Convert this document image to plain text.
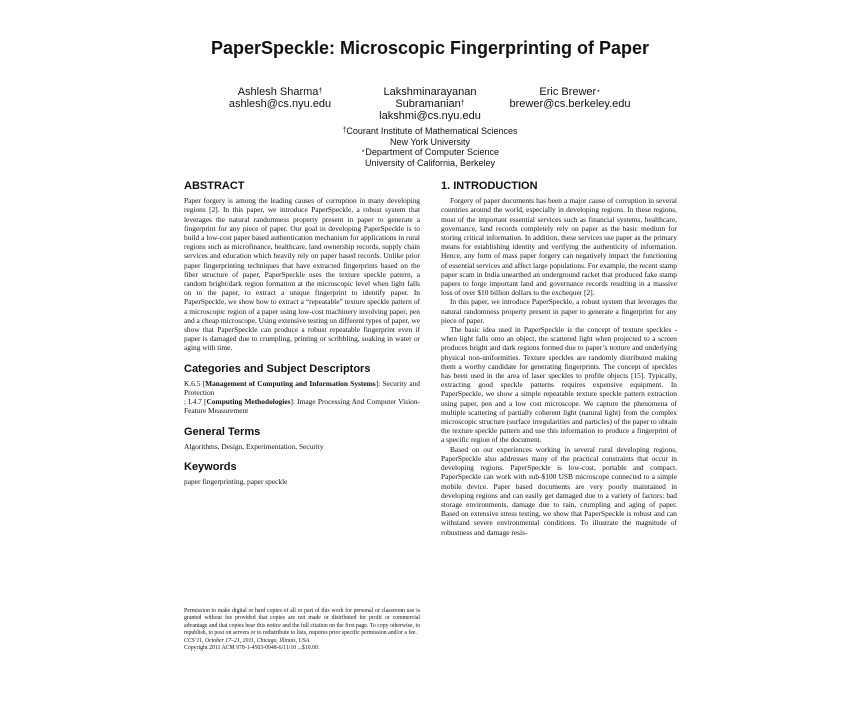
PaperSpeckle: Microscopic Fingerprinting of Paper
Ashlesh Sharma†
ashlesh@cs.nyu.edu
Lakshminarayanan
Subramanian†
lakshmi@cs.nyu.edu
Eric Brewer⋆
brewer@cs.berkeley.edu
†Courant Institute of Mathematical Sciences
New York University
⋆Department of Computer Science
University of California, Berkeley
ABSTRACT

Paper forgery is among the leading causes of corruption in many developing regions [2]. In this paper, we introduce PaperSpeckle, a robust system that leverages the natural randomness property present in paper to generate a fingerprint for any piece of paper. Our goal in developing PaperSpeckle is to build a low-cost paper based authentication mechanism for applications in rural regions such as microfinance, healthcare, land ownership records, supply chain services and education which heavily rely on paper based records. Unlike prior paper fingerprinting techniques that have extracted fingerprints based on the fiber structure of paper, PaperSpeckle uses the texture speckle pattern, a random bright/dark region formation at the microscopic level when light falls on to the paper, to extract a unique fingerprint to identify paper. In PaperSpeckle, we show how to extract a “repeatable” texture speckle pattern of a microscopic region of a paper using low-cost machinery involving paper, pen and a cheap microscope. Using extensive testing on different types of paper, we show that PaperSpeckle can produce a robust repeatable fingerprint even if paper is damaged due to crumpling, printing or scribbling, soaking in water or aging with time.

Categories and Subject Descriptors

K.6.5 [Management of Computing and Information Systems]: Security and Protection
; I.4.7 [Computing Methodologies]: Image Processing And Computer Vision-Feature Measurement

General Terms

Algorithms, Design, Experimentation, Security

Keywords

paper fingerprinting, paper speckle

Permission to make digital or hard copies of all or part of this work for personal or classroom use is granted without fee provided that copies are not made or distributed for profit or commercial advantage and that copies bear this notice and the full citation on the first page. To copy otherwise, to republish, to post on servers or to redistribute to lists, requires prior specific permission and/or a fee.

CCS’11, October 17–21, 2011, Chicago, Illinois, USA.

Copyright 2011 ACM 978-1-4503-0948-6/11/10 ...$10.00.

1. INTRODUCTION

Forgery of paper documents has been a major cause of corruption in several countries around the world, especially in developing regions. In these regions, most of the important essential services such as financial systems, healthcare, governance, land records completely rely on paper as the basic medium for storing critical information. In addition, these services use paper as the primary means for establishing identity and verifying the authenticity of information. Hence, any form of mass paper forgery can negatively impact the functioning of essential services and affect large populations. For example, the recent stamp paper scam in India unearthed an underground racket that produced fake stamp papers to forge important land and governance records resulting in a massive loss of over $10 billion dollars to the exchequer [2].

In this paper, we introduce PaperSpeckle, a robust system that leverages the natural randomness property present in paper to generate a fingerprint for any piece of paper.

The basic idea used in PaperSpeckle is the concept of texture speckles - when light falls onto an object, the scattered light when projected to a screen produces bright and dark regions formed due to paper’s texture and underlying physical non-uniformities. Texture speckles are randomly distributed making them a worthy candidate for generating fingerprints. The concept of speckles has been used in the area of laser speckles to profile objects [15]. Typically, extracting good speckle patterns requires expensive equipment. In PaperSpeckle, we show a simple repeatable texture speckle pattern extraction using paper, pen and a low cost microscope. We capture the phenomena of multiple scattering of partially coherent light (natural light) from the complex microscopic structure (surface irregularities and particles) of the paper to obtain the texture speckle pattern and use this information to produce a fingerprint of a specific region of the document.

Based on our experiences working in several rural developing regions, PaperSpeckle also addresses many of the practical constraints that occur in developing regions. PaperSpeckle is low-cost, portable and compact. PaperSpeckle can work with sub-$100 USB microscope connected to a simple mobile device. Paper based documents are very poorly maintained in developing regions and can easily get damaged due to a variety of factors: bad storage environments, damage due to rain, crumpling and aging of paper. Based on extensive stress testing, we show that PaperSpeckle is robust and can withstand severe environmental conditions. To illustrate the magnitude of robustness and damage resis-
